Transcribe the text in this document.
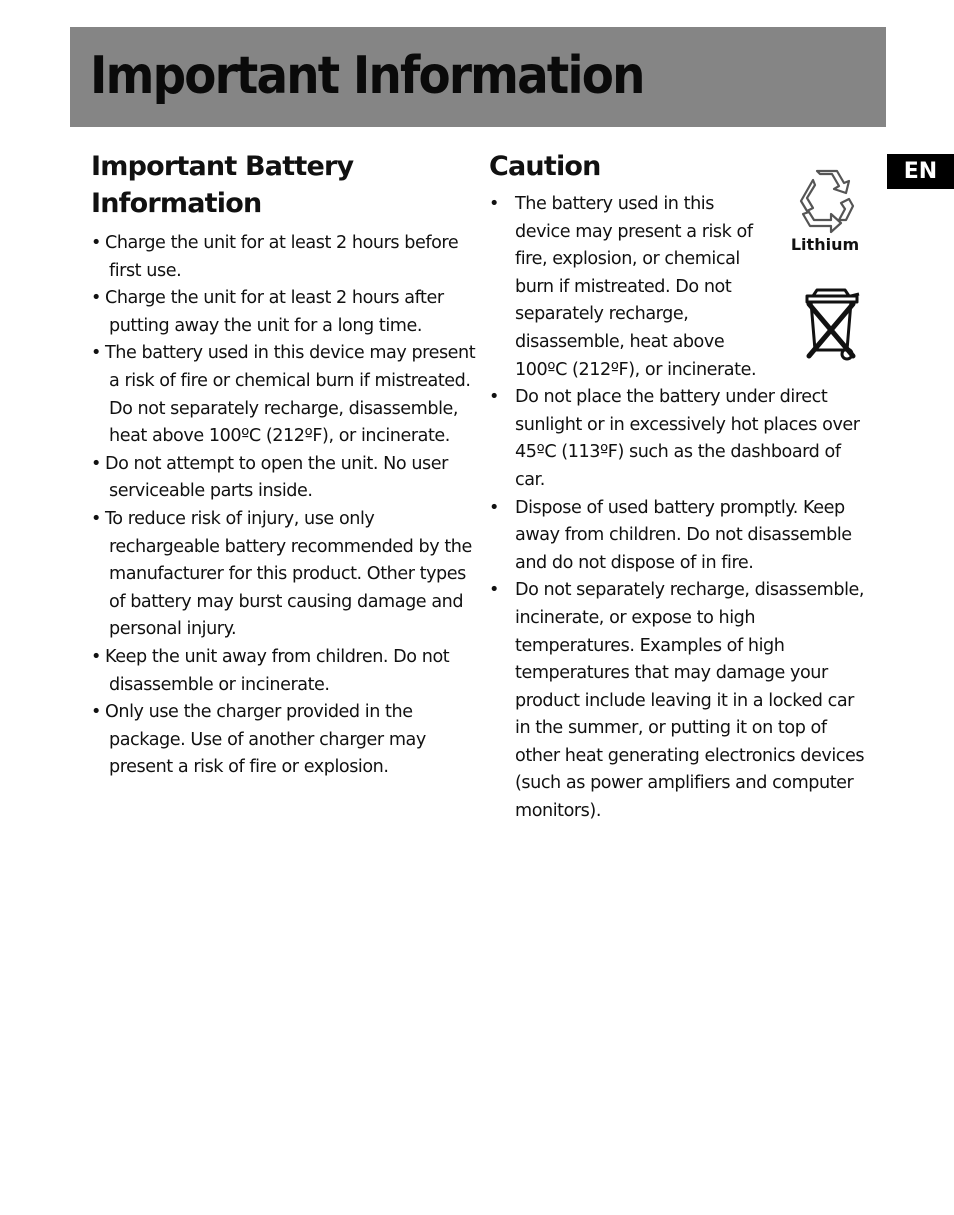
Important Information
EN
Important Battery Information
• Charge the unit for at least 2 hours before first use.
• Charge the unit for at least 2 hours after putting away the unit for a long time.
• The battery used in this device may present a risk of fire or chemical burn if mistreated. Do not separately recharge, disassemble, heat above 100ºC (212ºF), or incinerate.
• Do not attempt to open the unit. No user serviceable parts inside.
• To reduce risk of injury, use only rechargeable battery recommended by the manufacturer for this product. Other types of battery may burst causing damage and personal injury.
• Keep the unit away from children. Do not disassemble or incinerate.
• Only use the charger provided in the package. Use of another charger may present a risk of fire or explosion.
Caution
• The battery used in this device may present a risk of fire, explosion, or chemical burn if mistreated. Do not separately recharge, disassemble, heat above 100ºC (212ºF), or incinerate.
• Do not place the battery under direct sunlight or in excessively hot places over 45ºC (113ºF) such as the dashboard of car.
• Dispose of used battery promptly. Keep away from children. Do not disassemble and do not dispose of in fire.
• Do not separately recharge, disassemble, incinerate, or expose to high temperatures. Examples of high temperatures that may damage your product include leaving it in a locked car in the summer, or putting it on top of other heat generating electronics devices (such as power amplifiers and computer monitors).
Lithium
